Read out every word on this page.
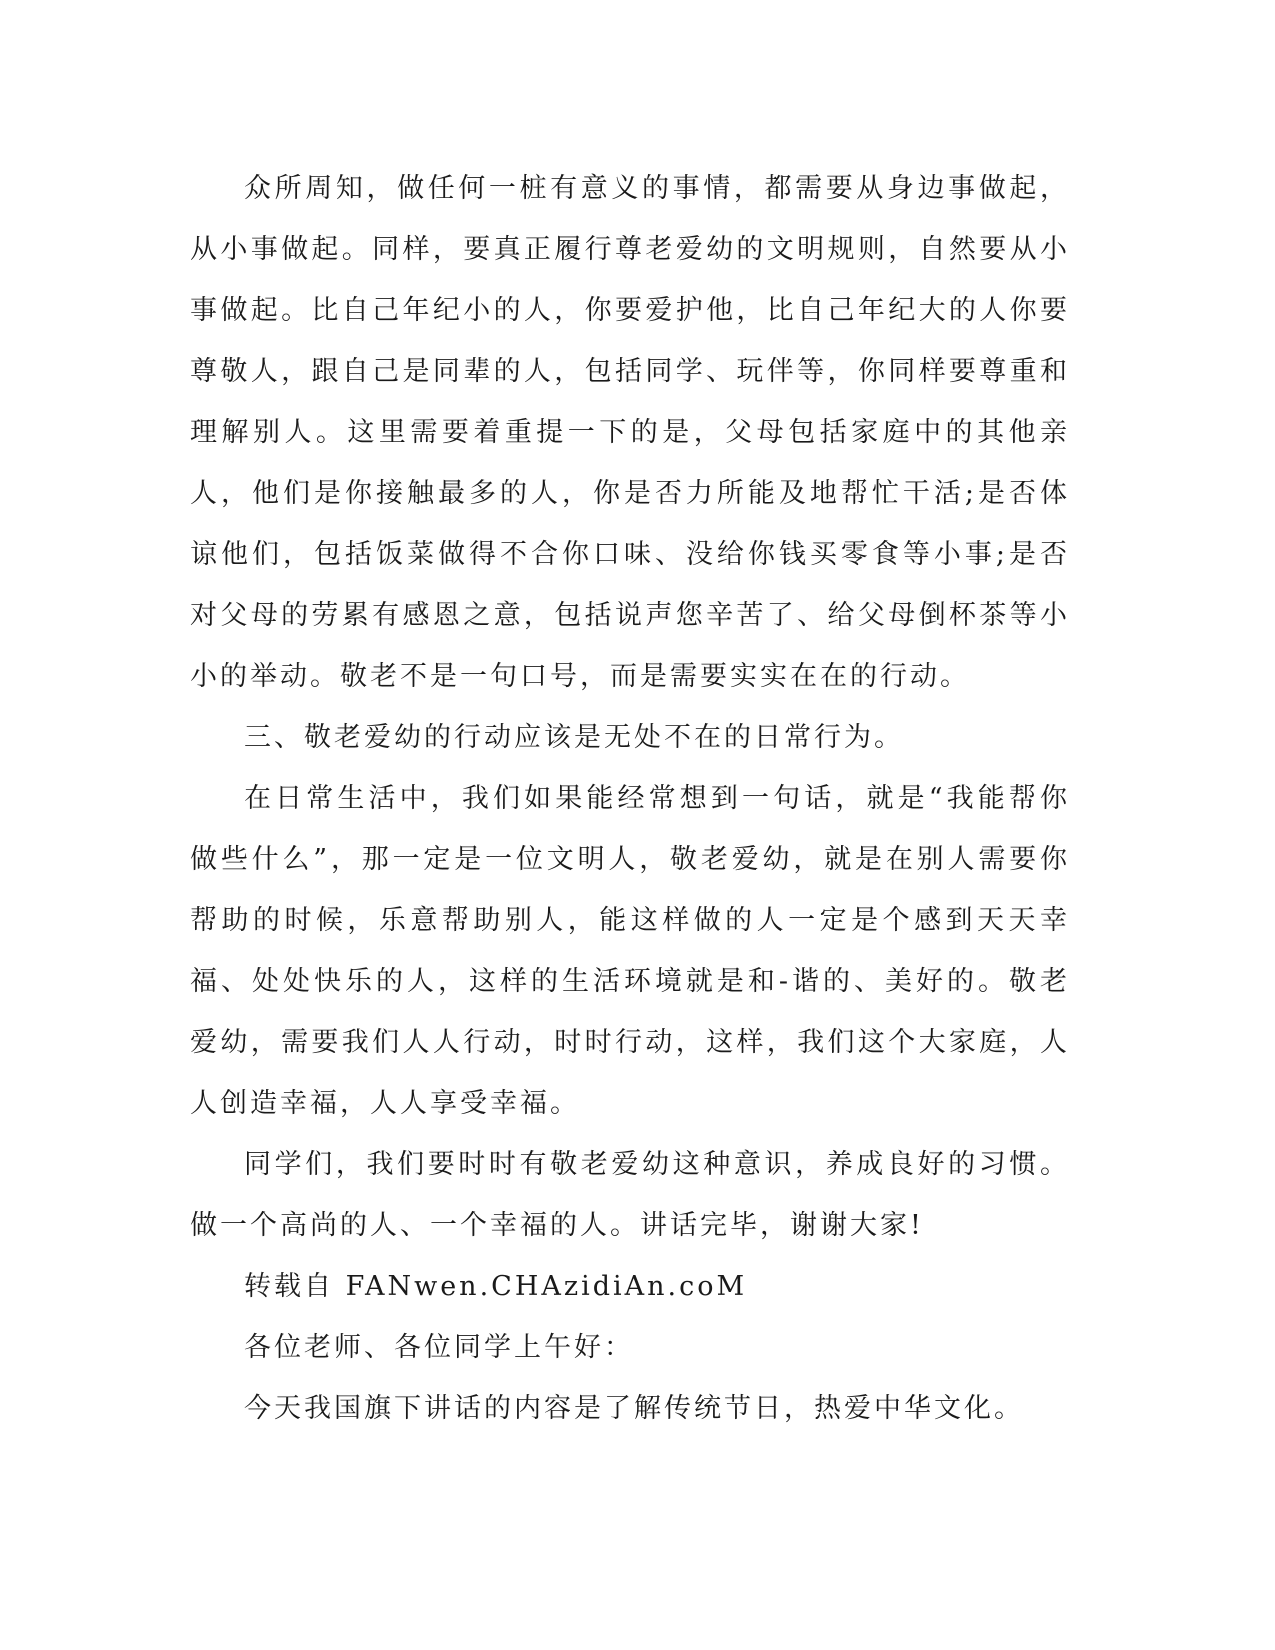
众所周知，做任何一桩有意义的事情，都需要从身边事做起，从小事做起。同样，要真正履行尊老爱幼的文明规则，自然要从小事做起。比自己年纪小的人，你要爱护他，比自己年纪大的人你要尊敬人，跟自己是同辈的人，包括同学、玩伴等，你同样要尊重和理解别人。这里需要着重提一下的是，父母包括家庭中的其他亲人，他们是你接触最多的人，你是否力所能及地帮忙干活;是否体谅他们，包括饭菜做得不合你口味、没给你钱买零食等小事;是否对父母的劳累有感恩之意，包括说声您辛苦了、给父母倒杯茶等小小的举动。敬老不是一句口号，而是需要实实在在的行动。

三、敬老爱幼的行动应该是无处不在的日常行为。

在日常生活中，我们如果能经常想到一句话，就是“我能帮你做些什么”，那一定是一位文明人，敬老爱幼，就是在别人需要你帮助的时候，乐意帮助别人，能这样做的人一定是个感到天天幸福、处处快乐的人，这样的生活环境就是和-谐的、美好的。敬老爱幼，需要我们人人行动，时时行动，这样，我们这个大家庭，人人创造幸福，人人享受幸福。

同学们，我们要时时有敬老爱幼这种意识，养成良好的习惯。做一个高尚的人、一个幸福的人。讲话完毕，谢谢大家!

转载自 FANwen.CHAzidiAn.coM

各位老师、各位同学上午好：

今天我国旗下讲话的内容是了解传统节日，热爱中华文化。
